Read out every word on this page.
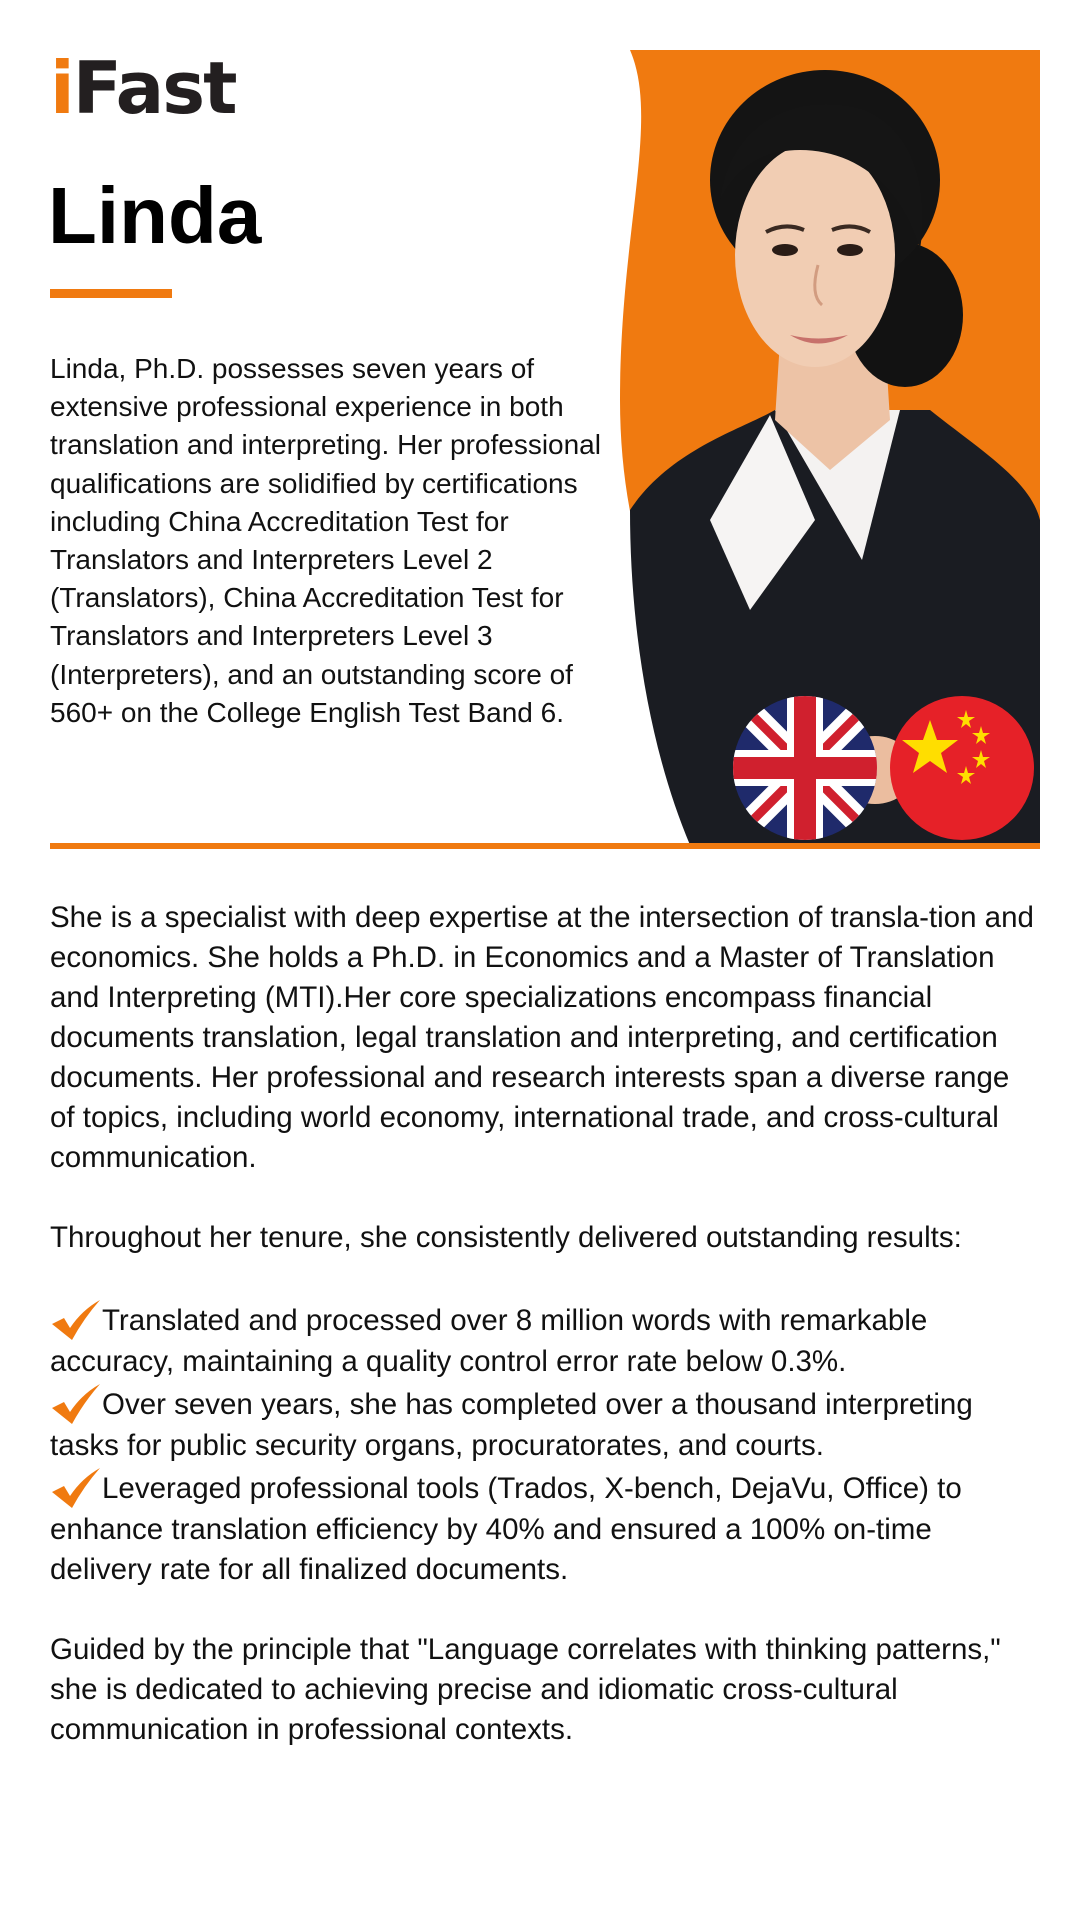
iFast
Linda
Linda, Ph.D. possesses seven years of extensive professional experience in both translation and interpreting. Her professional qualifications are solidified by certifications including China Accreditation Test for Translators and Interpreters Level 2 (Translators), China Accreditation Test for Translators and Interpreters Level 3 (Interpreters), and an outstanding score of 560+ on the College English Test Band 6.

She is a specialist with deep expertise at the intersection of transla-tion and economics. She holds a Ph.D. in Economics and a Master of Translation and Interpreting (MTI).Her core specializations encompass financial documents translation, legal translation and interpreting, and certification documents. Her professional and research interests span a diverse range of topics, including world economy, international trade, and cross-cultural communication.

Throughout her tenure, she consistently delivered outstanding results:

Translated and processed over 8 million words with remarkable accuracy, maintaining a quality control error rate below 0.3%.

Over seven years, she has completed over a thousand interpreting tasks for public security organs, procuratorates, and courts.

Leveraged professional tools (Trados, X-bench, DejaVu, Office) to enhance translation efficiency by 40% and ensured a 100% on-time delivery rate for all finalized documents.

Guided by the principle that "Language correlates with thinking patterns," she is dedicated to achieving precise and idiomatic cross-cultural communication in professional contexts.
